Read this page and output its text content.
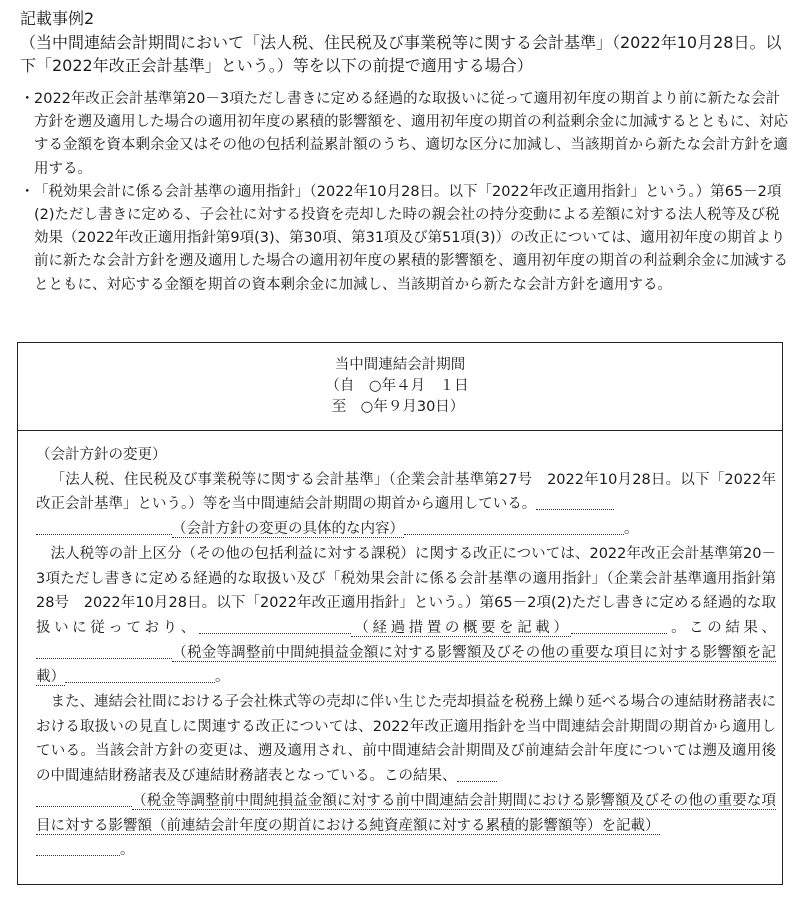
記載事例2
（当中間連結会計期間において「法人税、住民税及び事業税等に関する会計基準」（2022年10月28日。以下「2022年改正会計基準」という。）等を以下の前提で適用する場合）

・ 2022年改正会計基準第20－3項ただし書きに定める経過的な取扱いに従って適用初年度の期首より前に新たな会計方針を遡及適用した場合の適用初年度の累積的影響額を、適用初年度の期首の利益剰余金に加減するとともに、対応する金額を資本剰余金又はその他の包括利益累計額のうち、適切な区分に加減し、当該期首から新たな会計方針を適用する。

・ 「税効果会計に係る会計基準の適用指針」（2022年10月28日。以下「2022年改正適用指針」という。）第65－2項(2)ただし書きに定める、子会社に対する投資を売却した時の親会社の持分変動による差額に対する法人税等及び税効果（2022年改正適用指針第9項(3)、第30項、第31項及び第51項(3)）の改正については、適用初年度の期首より前に新たな会計方針を遡及適用した場合の適用初年度の累積的影響額を、適用初年度の期首の利益剰余金に加減するとともに、対応する金額を期首の資本剰余金に加減し、当該期首から新たな会計方針を適用する。

当中間連結会計期間
（自　○年４月　１日
至　○年９月30日）

（会計方針の変更）

「法人税、住民税及び事業税等に関する会計基準」（企業会計基準第27号　2022年10月28日。以下「2022年改正会計基準」という。）等を当中間連結会計期間の期首から適用している。
（会計方針の変更の具体的な内容）	。

法人税等の計上区分（その他の包括利益に対する課税）に関する改正については、2022年改正会計基準第20－3項ただし書きに定める経過的な取扱い及び「税効果会計に係る会計基準の適用指針」（企業会計基準適用指針第28号　2022年10月28日。以下「2022年改正適用指針」という。）第65－2項(2)ただし書きに定める経過的な取扱いに従っており、	（経過措置の概要を記載）	。この結果、（税金等調整前中間純損益金額に対する影響額及びその他の重要な項目に対する影響額を記載）	。

また、連結会社間における子会社株式等の売却に伴い生じた売却損益を税務上繰り延べる場合の連結財務諸表における取扱いの見直しに関連する改正については、2022年改正適用指針を当中間連結会計期間の期首から適用している。当該会計方針の変更は、遡及適用され、前中間連結会計期間及び前連結会計年度については遡及適用後の中間連結財務諸表及び連結財務諸表となっている。この結果、
（税金等調整前中間純損益金額に対する前中間連結会計期間における影響額及びその他の重要な項目に対する影響額（前連結会計年度の期首における純資産額に対する累積的影響額等）を記載）
。
